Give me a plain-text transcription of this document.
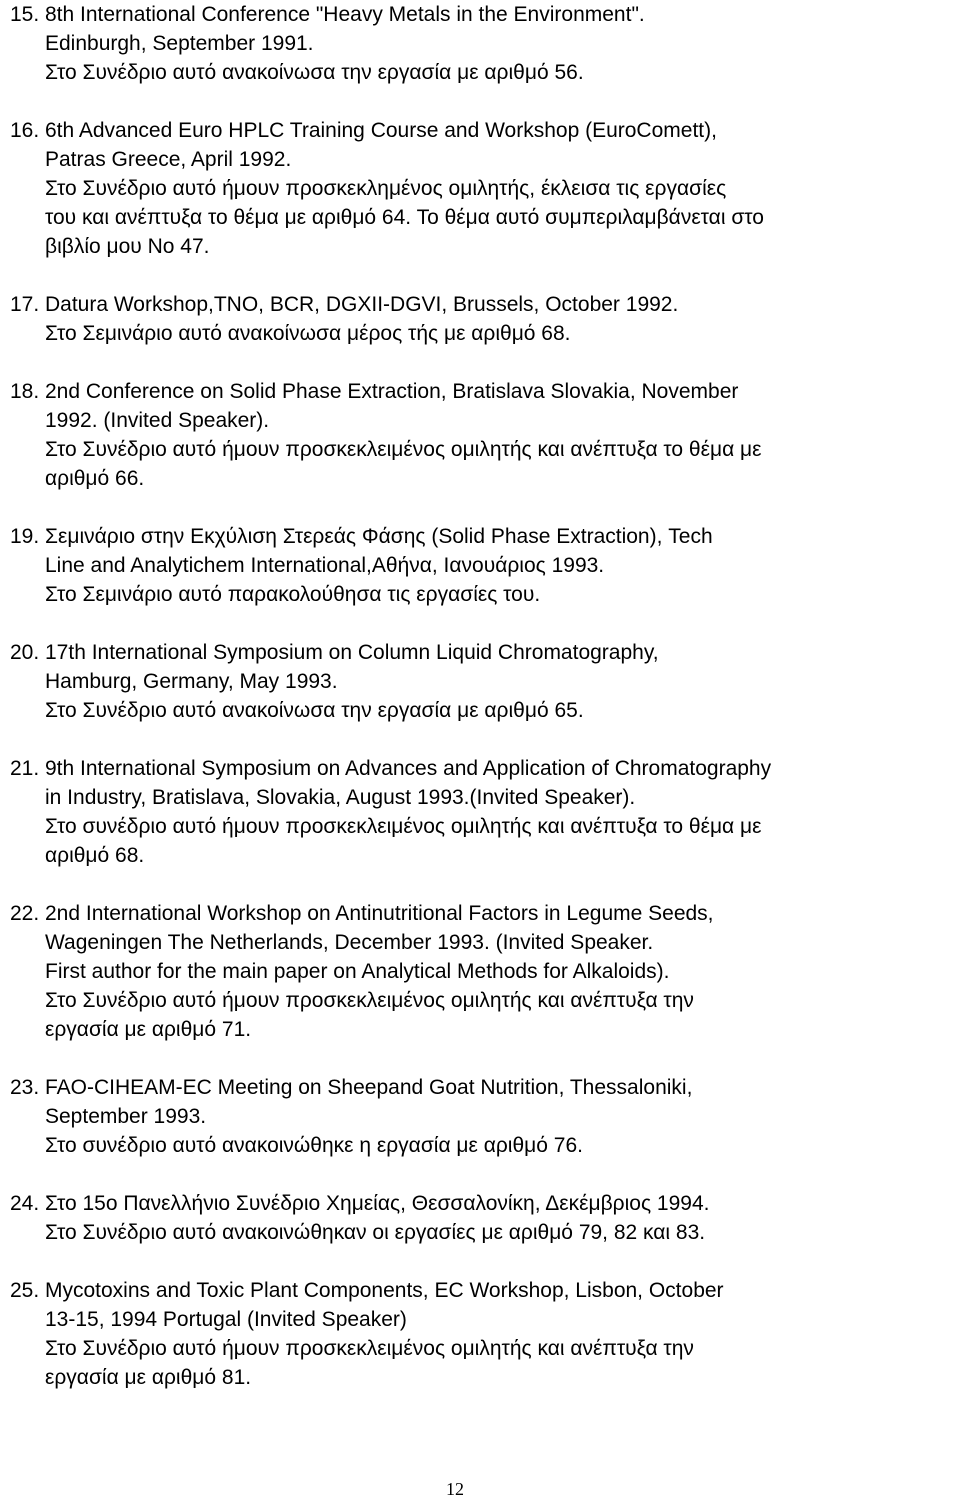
15. 8th International Conference "Heavy Metals in the Environment".
Edinburgh, September 1991.
Στο Συνέδριο αυτό ανακοίνωσα την εργασία με αριθμό 56.
16. 6th Advanced Euro HPLC Training Course and Workshop (EuroComett),
Patras Greece, April 1992.
Στο Συνέδριο αυτό ήμουν προσκεκλημένος ομιλητής, έκλεισα τις εργασίες
του και ανέπτυξα το θέμα με αριθμό 64. Το θέμα αυτό συμπεριλαμβάνεται στο
βιβλίο μου Νο 47.
17. Datura Workshop,TNO, BCR, DGXII-DGVI, Brussels, October 1992.
Στο Σεμινάριο αυτό ανακοίνωσα μέρος τής με αριθμό 68.
18. 2nd Conference on Solid Phase Extraction, Bratislava Slovakia, November
1992. (Invited Speaker).
Στο Συνέδριο αυτό ήμουν προσκεκλειμένος ομιλητής και ανέπτυξα το θέμα με
αριθμό 66.
19. Σεμινάριο στην Εκχύλιση Στερεάς Φάσης (Solid Phase Extraction), Tech
Line and Analytichem International,Αθήνα, Ιανουάριος 1993.
Στο Σεμινάριο αυτό παρακολούθησα τις εργασίες του.
20. 17th International Symposium on Column Liquid Chromatography,
Hamburg, Germany, May 1993.
Στο Συνέδριο αυτό ανακοίνωσα την εργασία με αριθμό 65.
21. 9th International Symposium on Advances and Application of Chromatography
in Industry, Bratislava, Slovakia, August 1993.(Invited Speaker).
Στο συνέδριο αυτό ήμουν προσκεκλειμένος ομιλητής και ανέπτυξα το θέμα με
αριθμό 68.
22. 2nd International Workshop on Antinutritional Factors in Legume Seeds,
Wageningen The Netherlands, December 1993. (Invited Speaker.
First author for the main paper on Analytical Methods for Alkaloids).
Στο Συνέδριο αυτό ήμουν προσκεκλειμένος ομιλητής και ανέπτυξα την
εργασία με αριθμό 71.
23. FAO-CIHEAM-EC Meeting on Sheepand Goat Nutrition, Thessaloniki,
September 1993.
Στο συνέδριο αυτό ανακοινώθηκε η εργασία με αριθμό 76.
24. Στο 15ο Πανελλήνιο Συνέδριο Χημείας, Θεσσαλονίκη, Δεκέμβριος 1994.
Στο Συνέδριο αυτό ανακοινώθηκαν οι εργασίες με αριθμό 79, 82 και 83.
25. Mycotoxins and Toxic Plant Components, EC Workshop, Lisbon, October
13-15, 1994 Portugal (Invited Speaker)
Στο Συνέδριο αυτό ήμουν προσκεκλειμένος ομιλητής και ανέπτυξα την
εργασία με αριθμό 81.
12
